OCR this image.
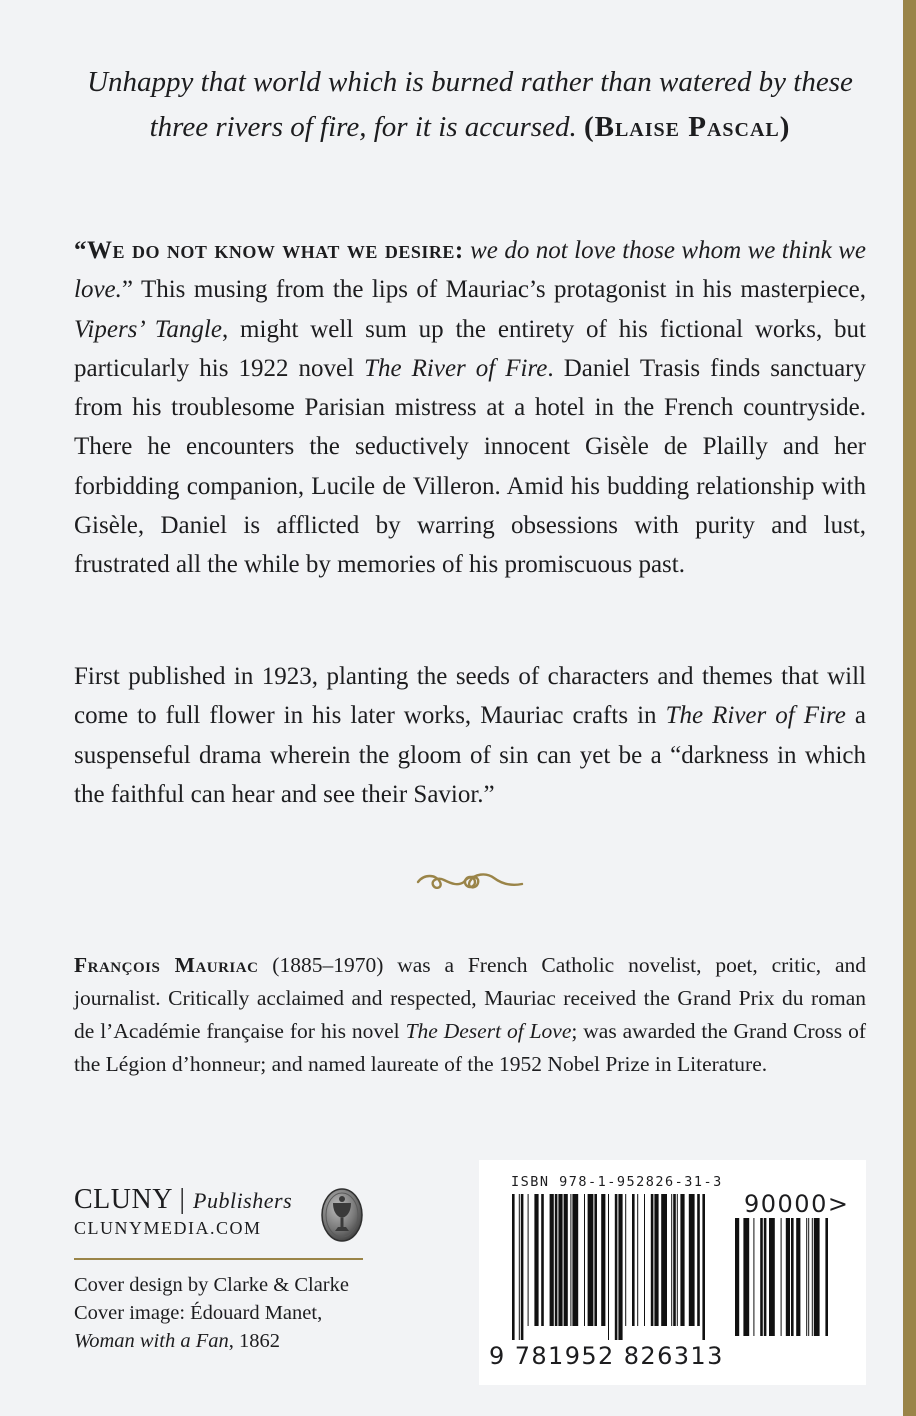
Unhappy that world which is burned rather than watered by these three rivers of fire, for it is accursed. (Blaise Pascal)
“We do not know what we desire: we do not love those whom we think we love.” This musing from the lips of Mauriac’s protagonist in his masterpiece, Vipers’ Tangle, might well sum up the entirety of his fictional works, but particularly his 1922 novel The River of Fire. Daniel Trasis finds sanctuary from his troublesome Parisian mistress at a hotel in the French countryside. There he encounters the seductively innocent Gisèle de Plailly and her forbidding companion, Lucile de Villeron. Amid his budding relationship with Gisèle, Daniel is afflicted by warring obsessions with purity and lust, frustrated all the while by memories of his promiscuous past.
First published in 1923, planting the seeds of characters and themes that will come to full flower in his later works, Mauriac crafts in The River of Fire a suspenseful drama wherein the gloom of sin can yet be a “darkness in which the faithful can hear and see their Savior.”
François Mauriac (1885–1970) was a French Catholic novelist, poet, critic, and journalist. Critically acclaimed and respected, Mauriac received the Grand Prix du roman de l’Académie française for his novel The Desert of Love; was awarded the Grand Cross of the Légion d’honneur; and named laureate of the 1952 Nobel Prize in Literature.
CLUNY | Publishers
CLUNYMEDIA.COM
Cover design by Clarke & Clarke
Cover image: Édouard Manet,
Woman with a Fan, 1862
ISBN 978-1-952826-31-3
9 781952 826313
90000>
